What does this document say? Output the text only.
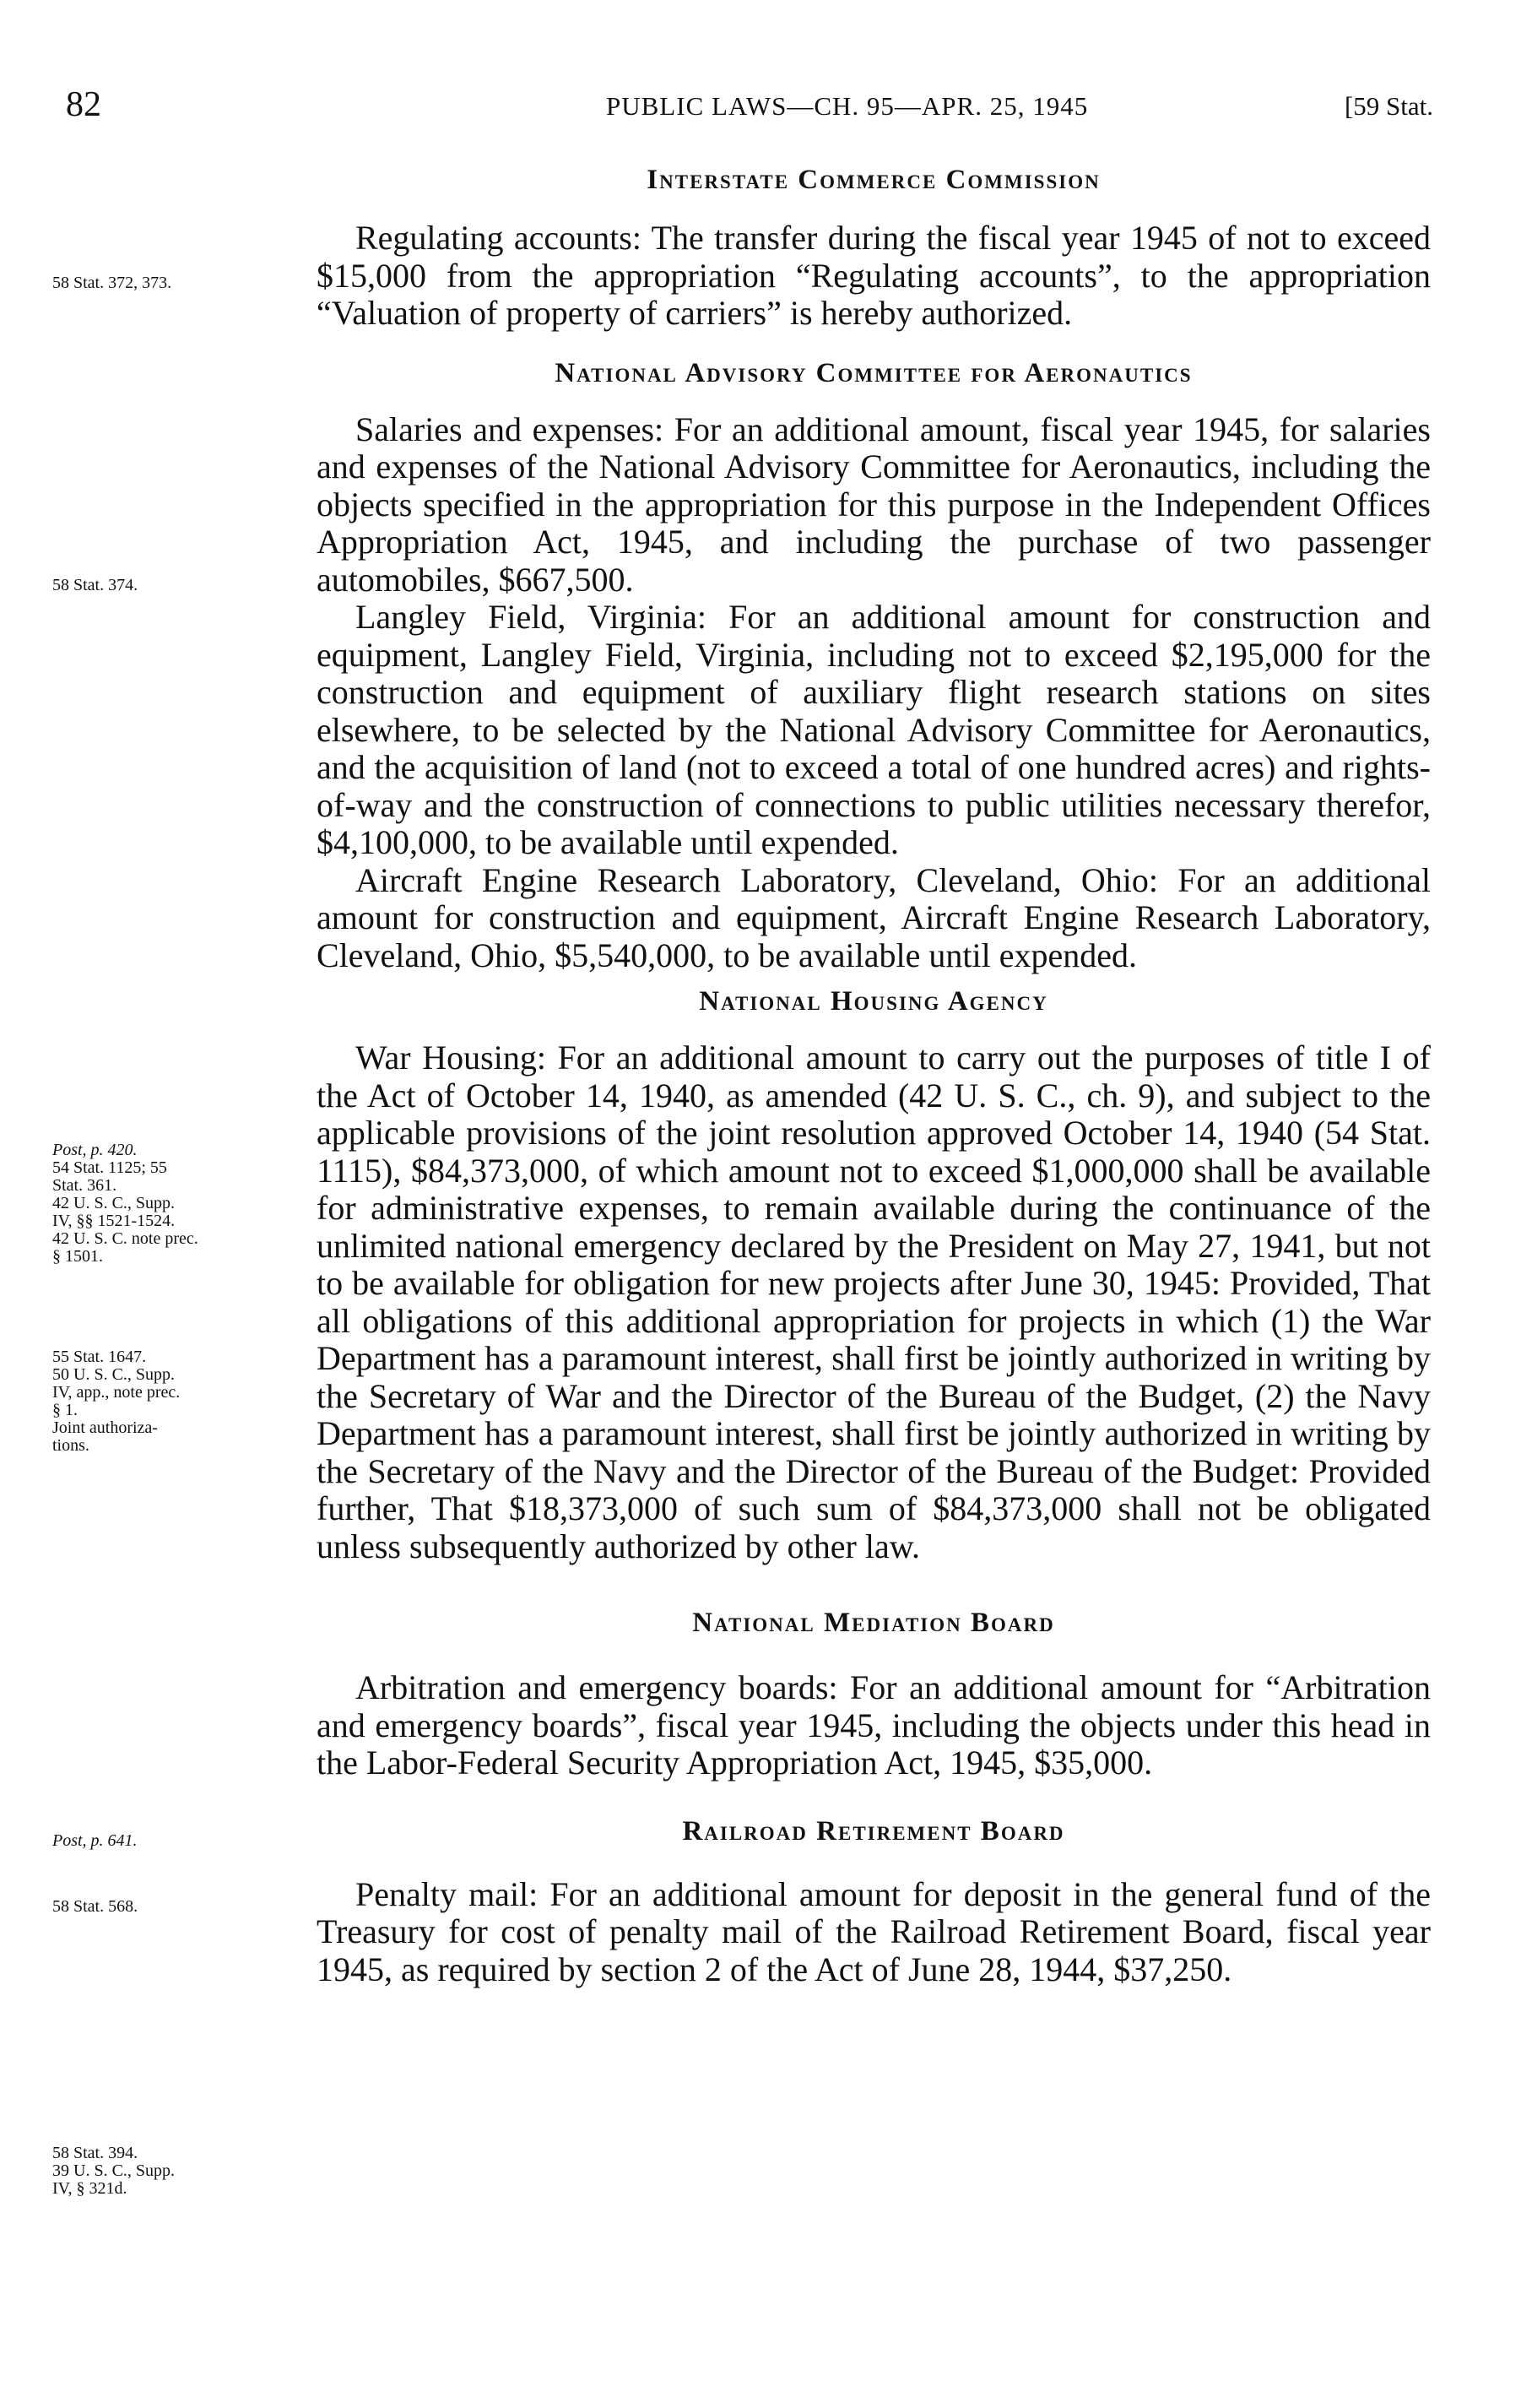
82	PUBLIC LAWS—CH. 95—APR. 25, 1945	[59 Stat.
58 Stat. 372, 373.
58 Stat. 374.
Post, p. 420.
54 Stat. 1125; 55
Stat. 361.
42 U. S. C., Supp.
IV, §§ 1521-1524.
42 U. S. C. note prec.
§ 1501.
55 Stat. 1647.
50 U. S. C., Supp.
IV, app., note prec.
§ 1.
Joint authoriza-
tions.
Post, p. 641.
58 Stat. 568.
58 Stat. 394.
39 U. S. C., Supp.
IV, § 321d.
Interstate Commerce Commission

Regulating accounts: The transfer during the fiscal year 1945 of not to exceed $15,000 from the appropriation “Regulating accounts”, to the appropriation “Valuation of property of carriers” is hereby authorized.

National Advisory Committee for Aeronautics

Salaries and expenses: For an additional amount, fiscal year 1945, for salaries and expenses of the National Advisory Committee for Aeronautics, including the objects specified in the appropriation for this purpose in the Independent Offices Appropriation Act, 1945, and including the purchase of two passenger automobiles, $667,500.

Langley Field, Virginia: For an additional amount for construction and equipment, Langley Field, Virginia, including not to exceed $2,195,000 for the construction and equipment of auxiliary flight research stations on sites elsewhere, to be selected by the National Advisory Committee for Aeronautics, and the acquisition of land (not to exceed a total of one hundred acres) and rights-of-way and the construction of connections to public utilities necessary therefor, $4,100,000, to be available until expended.

Aircraft Engine Research Laboratory, Cleveland, Ohio: For an additional amount for construction and equipment, Aircraft Engine Research Laboratory, Cleveland, Ohio, $5,540,000, to be available until expended.

National Housing Agency

War Housing: For an additional amount to carry out the purposes of title I of the Act of October 14, 1940, as amended (42 U. S. C., ch. 9), and subject to the applicable provisions of the joint resolution approved October 14, 1940 (54 Stat. 1115), $84,373,000, of which amount not to exceed $1,000,000 shall be available for administrative expenses, to remain available during the continuance of the unlimited national emergency declared by the President on May 27, 1941, but not to be available for obligation for new projects after June 30, 1945: Provided, That all obligations of this additional appropriation for projects in which (1) the War Department has a paramount interest, shall first be jointly authorized in writing by the Secretary of War and the Director of the Bureau of the Budget, (2) the Navy Department has a paramount interest, shall first be jointly authorized in writing by the Secretary of the Navy and the Director of the Bureau of the Budget: Provided further, That $18,373,000 of such sum of $84,373,000 shall not be obligated unless subsequently authorized by other law.

National Mediation Board

Arbitration and emergency boards: For an additional amount for “Arbitration and emergency boards”, fiscal year 1945, including the objects under this head in the Labor-Federal Security Appropriation Act, 1945, $35,000.

Railroad Retirement Board

Penalty mail: For an additional amount for deposit in the general fund of the Treasury for cost of penalty mail of the Railroad Retirement Board, fiscal year 1945, as required by section 2 of the Act of June 28, 1944, $37,250.
